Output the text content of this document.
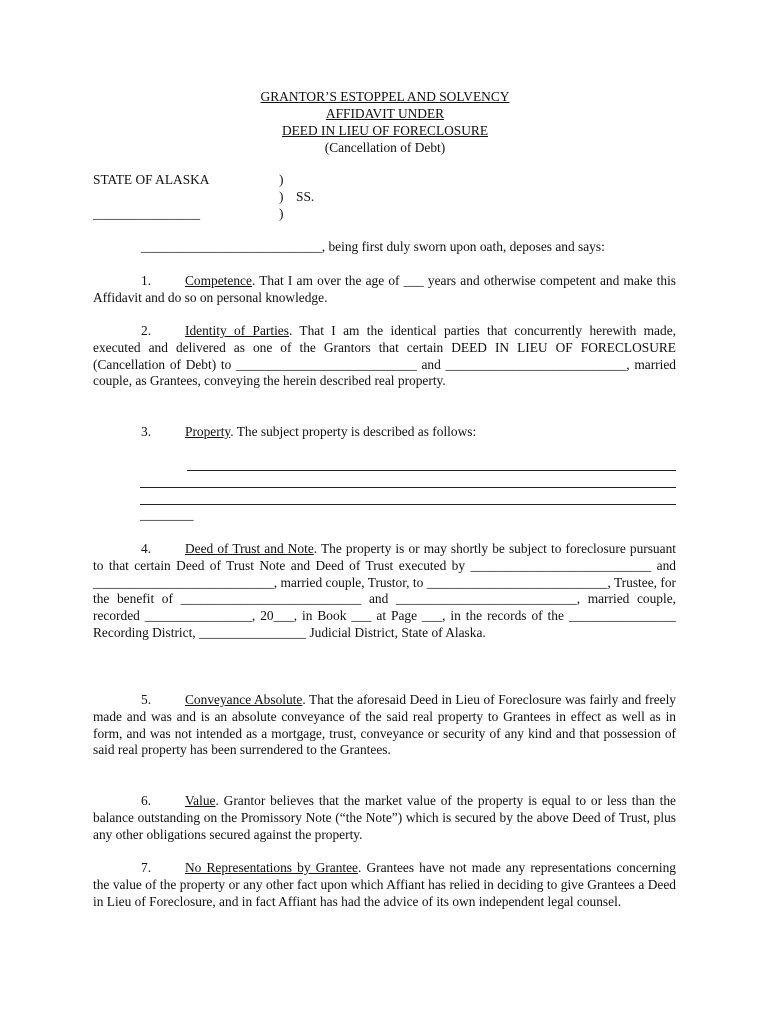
GRANTOR’S ESTOPPEL AND SOLVENCY
AFFIDAVIT UNDER
DEED IN LIEU OF FORECLOSURE
(Cancellation of Debt)
STATE OF ALASKA	)
) SS.
________________	)
___________________________, being first duly sworn upon oath, deposes and says:
1.	Competence. That I am over the age of ___ years and otherwise competent and make this Affidavit and do so on personal knowledge.
2.	Identity of Parties. That I am the identical parties that concurrently herewith made, executed and delivered as one of the Grantors that certain DEED IN LIEU OF FORECLOSURE (Cancellation of Debt) to ___________________________ and ___________________________, married couple, as Grantees, conveying the herein described real property.
3.	Property. The subject property is described as follows:
________
4.	Deed of Trust and Note. The property is or may shortly be subject to foreclosure pursuant to that certain Deed of Trust Note and Deed of Trust executed by ___________________________ and ___________________________, married couple, Trustor, to ___________________________, Trustee, for the benefit of ___________________________ and ___________________________, married couple, recorded ________________, 20___, in Book ___ at Page ___, in the records of the ________________ Recording District, ________________ Judicial District, State of Alaska.
5.	Conveyance Absolute. That the aforesaid Deed in Lieu of Foreclosure was fairly and freely made and was and is an absolute conveyance of the said real property to Grantees in effect as well as in form, and was not intended as a mortgage, trust, conveyance or security of any kind and that possession of said real property has been surrendered to the Grantees.
6.	Value. Grantor believes that the market value of the property is equal to or less than the balance outstanding on the Promissory Note (“the Note”) which is secured by the above Deed of Trust, plus any other obligations secured against the property.
7.	No Representations by Grantee. Grantees have not made any representations concerning the value of the property or any other fact upon which Affiant has relied in deciding to give Grantees a Deed in Lieu of Foreclosure, and in fact Affiant has had the advice of its own independent legal counsel.
